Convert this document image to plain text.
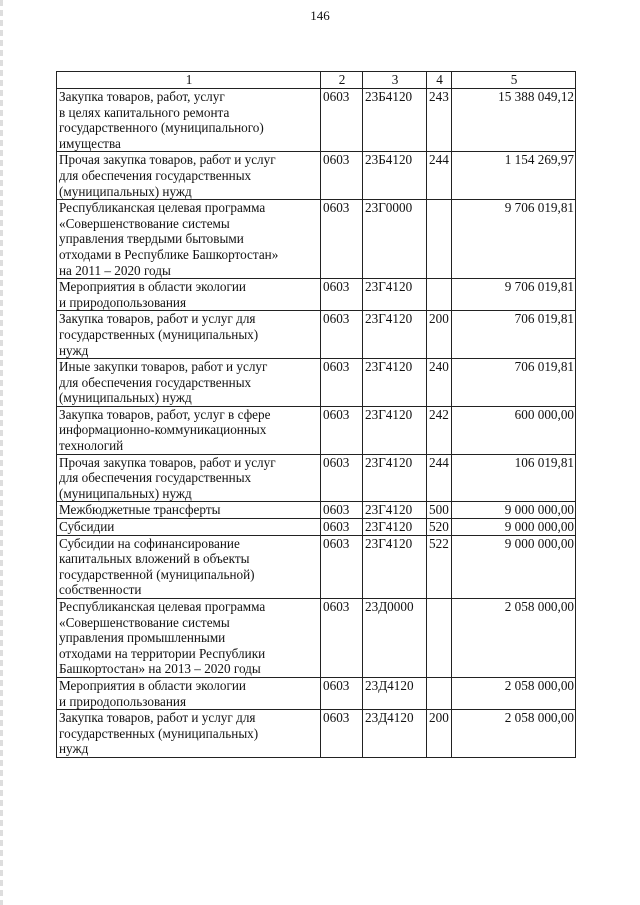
146
1	2	3	4	5

Закупка товаров, работ, услуг
в целях капитального ремонта
государственного (муниципального)
имущества	0603	23Б4120	243	15 388 049,12

Прочая закупка товаров, работ и услуг
для обеспечения государственных
(муниципальных) нужд	0603	23Б4120	244	1 154 269,97

Республиканская целевая программа
«Совершенствование системы
управления твердыми бытовыми
отходами в Республике Башкортостан»
на 2011 – 2020 годы	0603	23Г0000		9 706 019,81

Мероприятия в области экологии
и природопользования	0603	23Г4120		9 706 019,81

Закупка товаров, работ и услуг для
государственных (муниципальных)
нужд	0603	23Г4120	200	706 019,81

Иные закупки товаров, работ и услуг
для обеспечения государственных
(муниципальных) нужд	0603	23Г4120	240	706 019,81

Закупка товаров, работ, услуг в сфере
информационно-коммуникационных
технологий	0603	23Г4120	242	600 000,00

Прочая закупка товаров, работ и услуг
для обеспечения государственных
(муниципальных) нужд	0603	23Г4120	244	106 019,81

Межбюджетные трансферты	0603	23Г4120	500	9 000 000,00

Субсидии	0603	23Г4120	520	9 000 000,00

Субсидии на софинансирование
капитальных вложений в объекты
государственной (муниципальной)
собственности	0603	23Г4120	522	9 000 000,00

Республиканская целевая программа
«Совершенствование системы
управления промышленными
отходами на территории Республики
Башкортостан» на 2013 – 2020 годы	0603	23Д0000		2 058 000,00

Мероприятия в области экологии
и природопользования	0603	23Д4120		2 058 000,00

Закупка товаров, работ и услуг для
государственных (муниципальных)
нужд	0603	23Д4120	200	2 058 000,00
